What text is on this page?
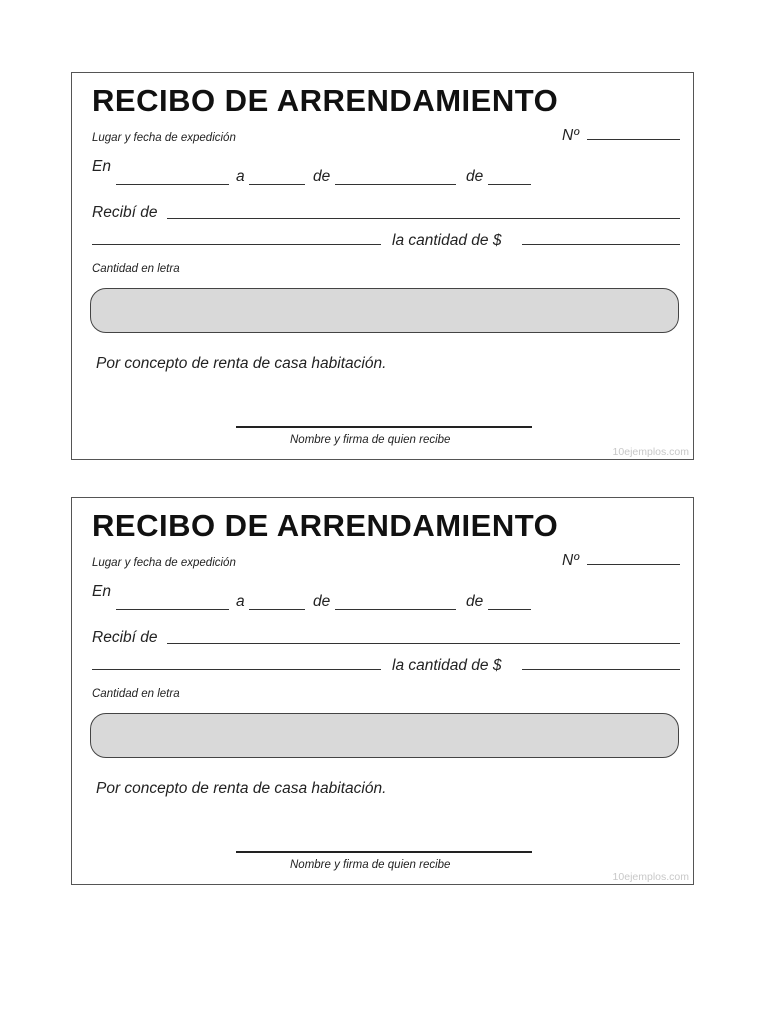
RECIBO DE ARRENDAMIENTO
Lugar y fecha de expedición	Nº
En
a	de	de
Recibí de
la cantidad de $
Cantidad en letra
Por concepto de renta de casa habitación.
Nombre y firma de quien recibe
10ejemplos.com
RECIBO DE ARRENDAMIENTO
Lugar y fecha de expedición	Nº
En
a	de	de
Recibí de
la cantidad de $
Cantidad en letra
Por concepto de renta de casa habitación.
Nombre y firma de quien recibe
10ejemplos.com
